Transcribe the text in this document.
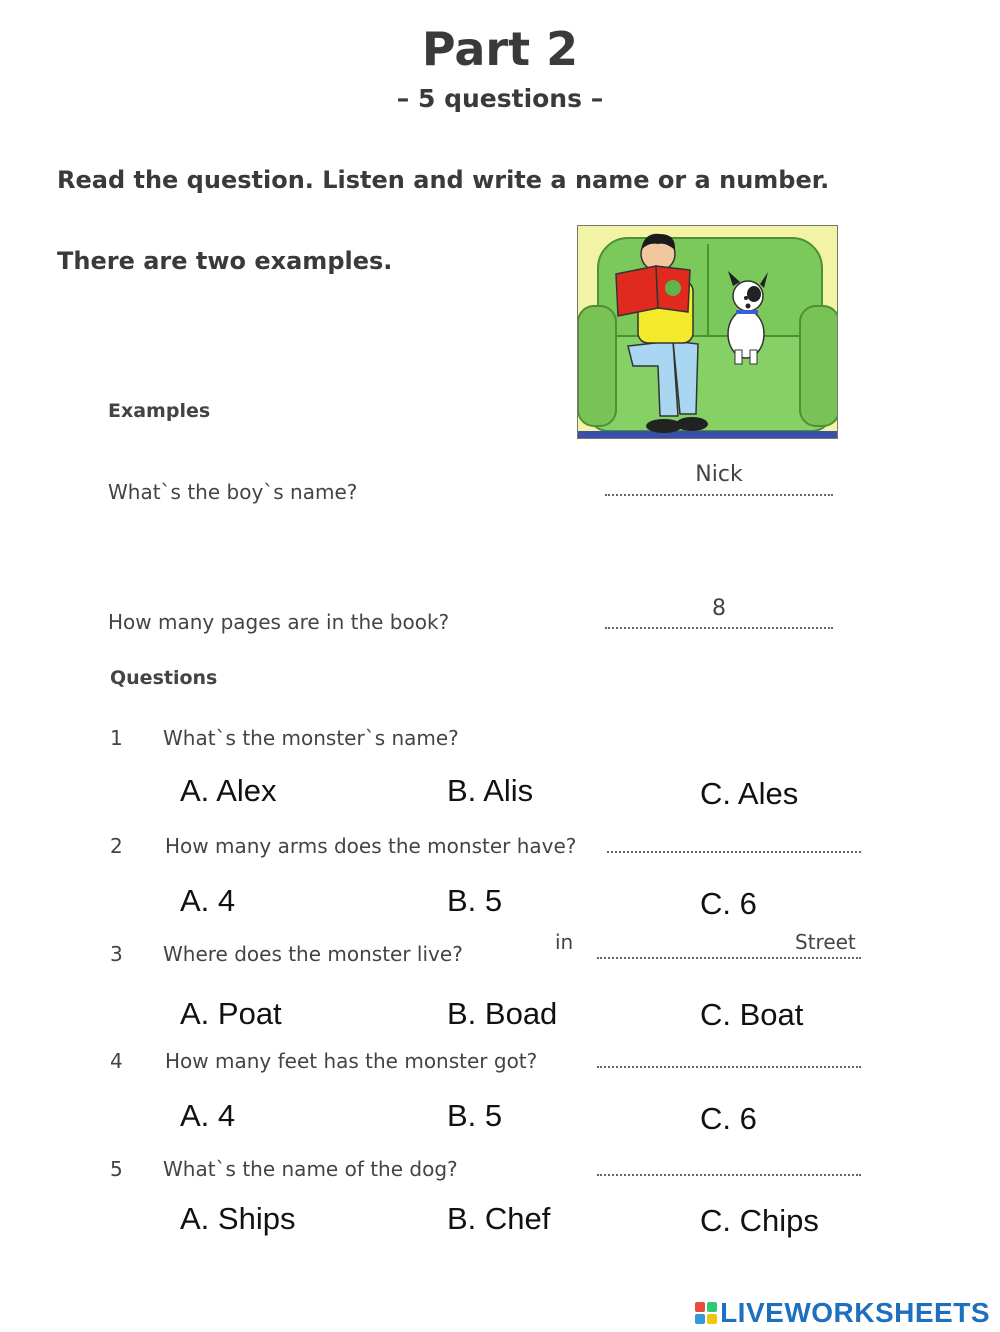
Part 2
– 5 questions –
Read the question. Listen and write a name or a number.
There are two examples.
Examples
What`s the boy`s name?
Nick
How many pages are in the book?
8
Questions
1 What`s the monster`s name?
A. Alex	B. Alis	C. Ales
2 How many arms does the monster have?
A. 4	B. 5	C. 6
3 Where does the monster live?	in	Street
A. Poat	B. Boad	C. Boat
4 How many feet has the monster got?
A. 4	B. 5	C. 6
5 What`s the name of the dog?
A. Ships	B. Chef	C. Chips
LIVEWORKSHEETS
